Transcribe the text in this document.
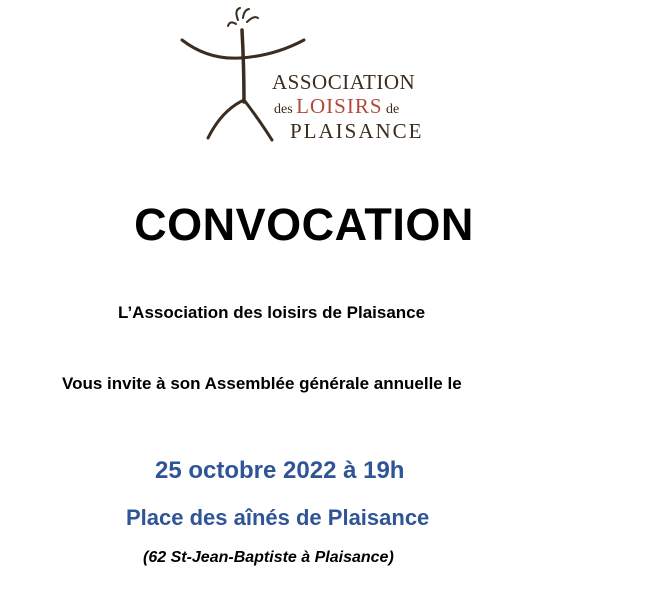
ASSOCIATION
des LOISIRS de
PLAISANCE
CONVOCATION
L’Association des loisirs de Plaisance
Vous invite à son Assemblée générale annuelle le
25 octobre 2022 à 19h
Place des aînés de Plaisance
(62 St-Jean-Baptiste à Plaisance)
